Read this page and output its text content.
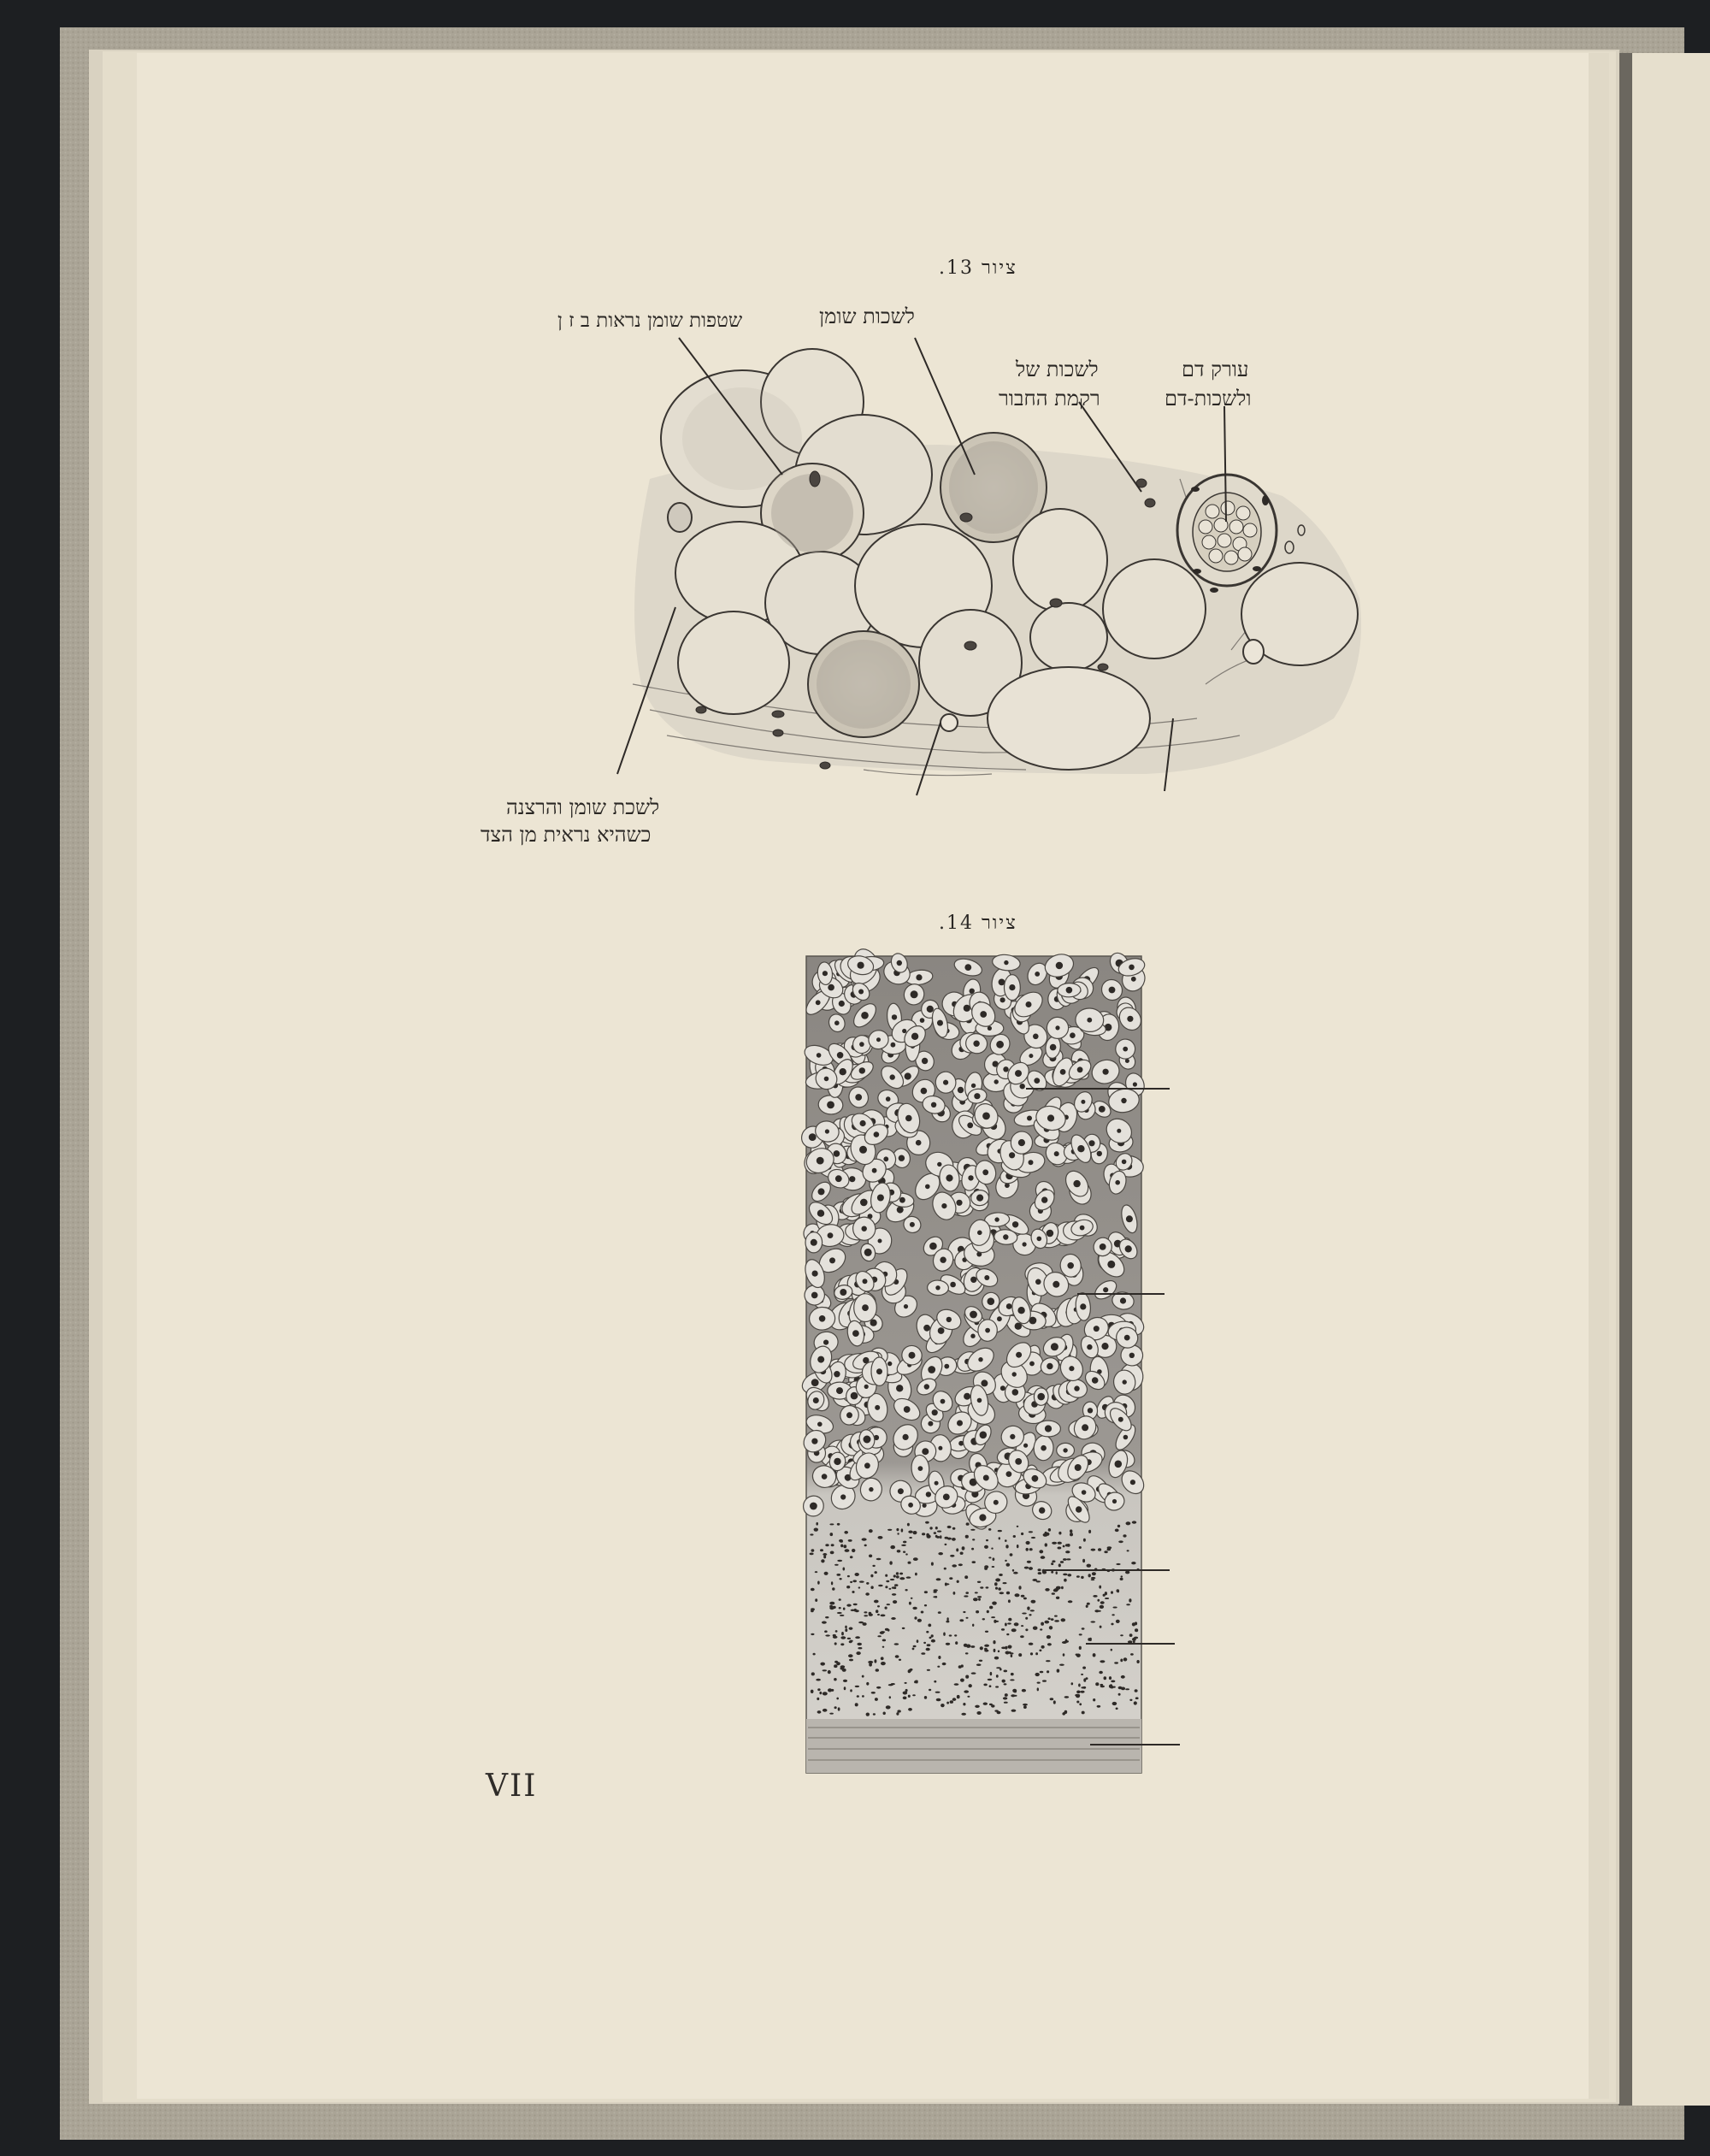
ציור 13.
לשכות שומן
שטפות שומן נראות ב ז ן
לשכות של
רקמת החבור
עורק דם
ולשכות-דם
לשכת שומן והרצנה
כשהיא נראית מן הצד
ציור 14.
VII
